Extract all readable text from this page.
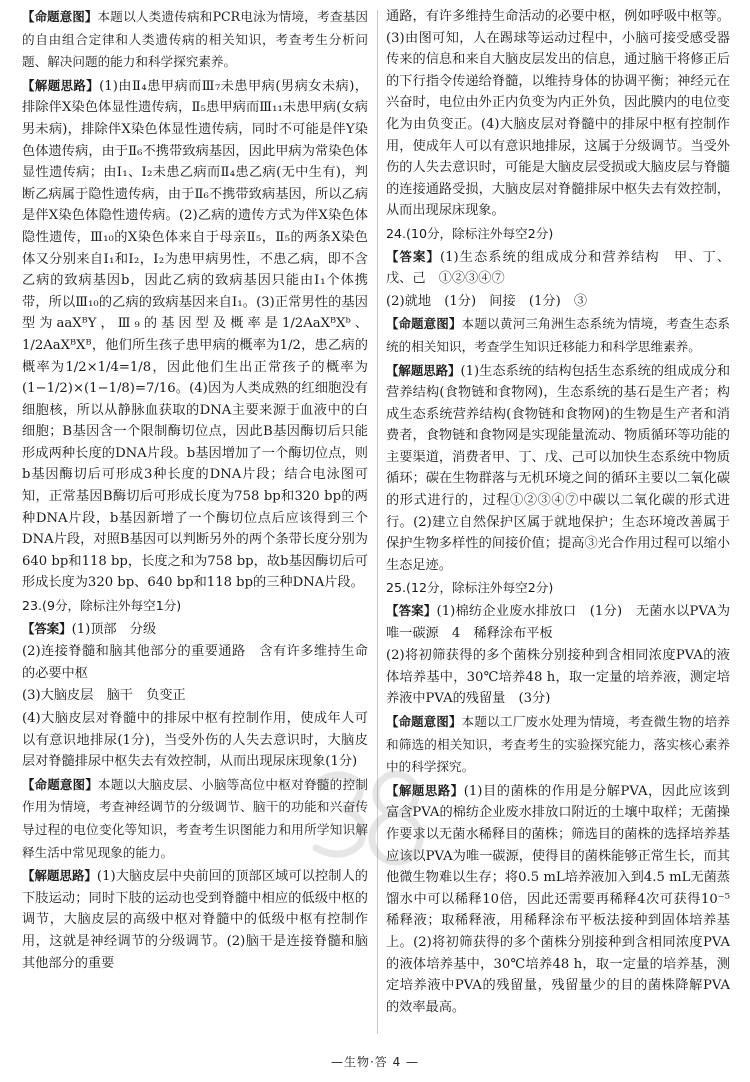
【命题意图】本题以人类遗传病和PCR电泳为情境，考查基因的自由组合定律和人类遗传病的相关知识，考查考生分析问题、解决问题的能力和科学探究素养。

【解题思路】(1)由Ⅱ₄患甲病而Ⅲ₇未患甲病(男病女未病)，排除伴X染色体显性遗传病，Ⅱ₅患甲病而Ⅲ₁₁未患甲病(女病男未病)，排除伴X染色体显性遗传病，同时不可能是伴Y染色体遗传病，由于Ⅱ₆不携带致病基因，因此甲病为常染色体显性遗传病；由Ⅰ₁、Ⅰ₂未患乙病而Ⅱ₄患乙病(无中生有)，判断乙病属于隐性遗传病，由于Ⅱ₆不携带致病基因，所以乙病是伴X染色体隐性遗传病。(2)乙病的遗传方式为伴X染色体隐性遗传，Ⅲ₁₀的X染色体来自于母亲Ⅱ₅，Ⅱ₅的两条X染色体又分别来自Ⅰ₁和Ⅰ₂，Ⅰ₂为患甲病男性，不患乙病，即不含乙病的致病基因b，因此乙病的致病基因只能由Ⅰ₁个体携带，所以Ⅲ₁₀的乙病的致病基因来自Ⅰ₁。(3)正常男性的基因型为aaXᴮY，Ⅲ₉的基因型及概率是1/2AaXᴮXᵇ、1/2AaXᴮXᴮ，他们所生孩子患甲病的概率为1/2，患乙病的概率为1/2×1/4=1/8，因此他们生出正常孩子的概率为(1−1/2)×(1−1/8)=7/16。(4)因为人类成熟的红细胞没有细胞核，所以从静脉血获取的DNA主要来源于血液中的白细胞；B基因含一个限制酶切位点，因此B基因酶切后只能形成两种长度的DNA片段。b基因增加了一个酶切位点，则b基因酶切后可形成3种长度的DNA片段；结合电泳图可知，正常基因B酶切后可形成长度为758 bp和320 bp的两种DNA片段，b基因新增了一个酶切位点后应该得到三个DNA片段，对照B基因可以判断另外的两个条带长度分别为640 bp和118 bp，长度之和为758 bp，故b基因酶切后可形成长度为320 bp、640 bp和118 bp的三种DNA片段。

23.(9分，除标注外每空1分)

【答案】(1)顶部　分级

(2)连接脊髓和脑其他部分的重要通路　含有许多维持生命的必要中枢

(3)大脑皮层　脑干　负变正

(4)大脑皮层对脊髓中的排尿中枢有控制作用，使成年人可以有意识地排尿(1分)，当受外伤的人失去意识时，大脑皮层对脊髓排尿中枢失去有效控制，从而出现尿床现象(1分)

【命题意图】本题以大脑皮层、小脑等高位中枢对脊髓的控制作用为情境，考查神经调节的分级调节、脑干的功能和兴奋传导过程的电位变化等知识，考查考生识图能力和用所学知识解释生活中常见现象的能力。

【解题思路】(1)大脑皮层中央前回的顶部区域可以控制人的下肢运动；同时下肢的运动也受到脊髓中相应的低级中枢的调节，大脑皮层的高级中枢对脊髓中的低级中枢有控制作用，这就是神经调节的分级调节。(2)脑干是连接脊髓和脑其他部分的重要

通路，有许多维持生命活动的必要中枢，例如呼吸中枢等。(3)由图可知，人在踢球等运动过程中，小脑可接受感受器传来的信息和来自大脑皮层发出的信息，通过脑干将修正后的下行指令传递给脊髓，以维持身体的协调平衡；神经元在兴奋时，电位由外正内负变为内正外负，因此膜内的电位变化为由负变正。(4)大脑皮层对脊髓中的排尿中枢有控制作用，使成年人可以有意识地排尿，这属于分级调节。当受外伤的人失去意识时，可能是大脑皮层受损或大脑皮层与脊髓的连接通路受损，大脑皮层对脊髓排尿中枢失去有效控制，从而出现尿床现象。

24.(10分，除标注外每空2分)

【答案】(1)生态系统的组成成分和营养结构　甲、丁、戊、己　①②③④⑦

(2)就地　(1分)　间接　(1分)　③

【命题意图】本题以黄河三角洲生态系统为情境，考查生态系统的相关知识，考查学生知识迁移能力和科学思维素养。

【解题思路】(1)生态系统的结构包括生态系统的组成成分和营养结构(食物链和食物网)，生态系统的基石是生产者；构成生态系统营养结构(食物链和食物网)的生物是生产者和消费者，食物链和食物网是实现能量流动、物质循环等功能的主要渠道，消费者甲、丁、戊、己可以加快生态系统中物质循环；碳在生物群落与无机环境之间的循环主要以二氧化碳的形式进行的，过程①②③④⑦中碳以二氧化碳的形式进行。(2)建立自然保护区属于就地保护；生态环境改善属于保护生物多样性的间接价值；提高③光合作用过程可以缩小生态足迹。

25.(12分，除标注外每空2分)

【答案】(1)棉纺企业废水排放口　(1分)　无菌水以PVA为唯一碳源　4　稀释涂布平板

(2)将初筛获得的多个菌株分别接种到含相同浓度PVA的液体培养基中，30℃培养48 h，取一定量的培养液，测定培养液中PVA的残留量　(3分)

【命题意图】本题以工厂废水处理为情境，考查微生物的培养和筛选的相关知识，考查考生的实验探究能力，落实核心素养中的科学探究。

【解题思路】(1)目的菌株的作用是分解PVA，因此应该到富含PVA的棉纺企业废水排放口附近的土壤中取样；无菌操作要求以无菌水稀释目的菌株；筛选目的菌株的选择培养基应该以PVA为唯一碳源，使得目的菌株能够正常生长，而其他微生物难以生存；将0.5 mL培养液加入到4.5 mL无菌蒸馏水中可以稀释10倍，因此还需要再稀释4次可获得10⁻⁵稀释液；取稀释液，用稀释涂布平板法接种到固体培养基上。(2)将初筛获得的多个菌株分别接种到含相同浓度PVA的液体培养基中，30℃培养48 h，取一定量的培养基，测定培养液中PVA的残留量，残留量少的目的菌株降解PVA的效率最高。

—生物·答 4 —
